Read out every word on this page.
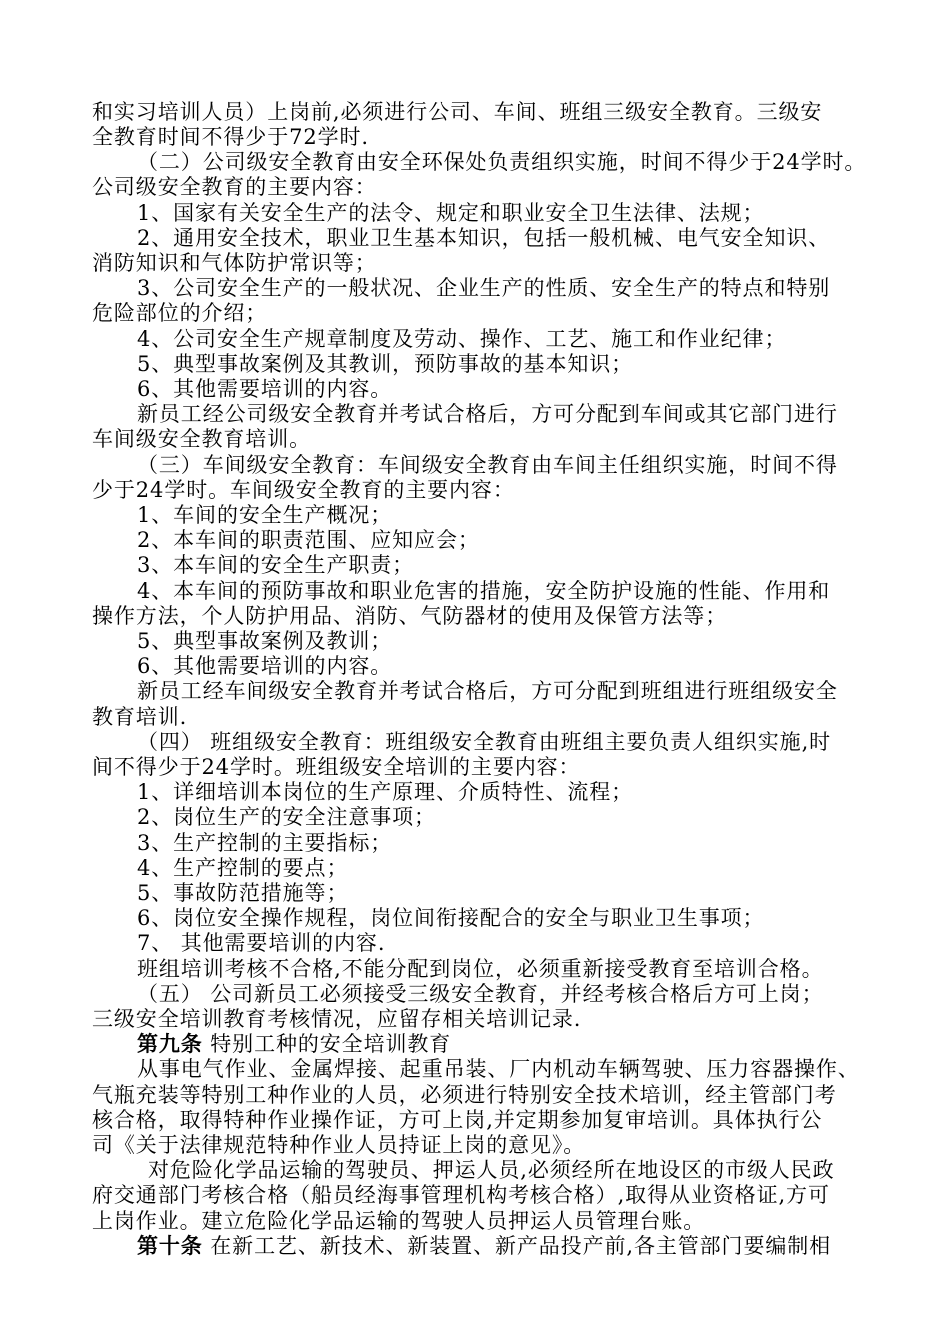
和实习培训人员）上岗前,必须进行公司、车间、班组三级安全教育。三级安
全教育时间不得少于72学时.
（二）公司级安全教育由安全环保处负责组织实施，时间不得少于24学时。
公司级安全教育的主要内容：
1、国家有关安全生产的法令、规定和职业安全卫生法律、法规；
2、通用安全技术，职业卫生基本知识，包括一般机械、电气安全知识、
消防知识和气体防护常识等；
3、公司安全生产的一般状况、企业生产的性质、安全生产的特点和特别
危险部位的介绍；
4、公司安全生产规章制度及劳动、操作、工艺、施工和作业纪律；
5、典型事故案例及其教训，预防事故的基本知识；
6、其他需要培训的内容。
新员工经公司级安全教育并考试合格后，方可分配到车间或其它部门进行
车间级安全教育培训。
（三）车间级安全教育：车间级安全教育由车间主任组织实施，时间不得
少于24学时。车间级安全教育的主要内容：
1、车间的安全生产概况；
2、本车间的职责范围、应知应会；
3、本车间的安全生产职责；
4、本车间的预防事故和职业危害的措施，安全防护设施的性能、作用和
操作方法，个人防护用品、消防、气防器材的使用及保管方法等；
5、典型事故案例及教训；
6、其他需要培训的内容。
新员工经车间级安全教育并考试合格后，方可分配到班组进行班组级安全
教育培训.
（四） 班组级安全教育：班组级安全教育由班组主要负责人组织实施,时
间不得少于24学时。班组级安全培训的主要内容：
1、详细培训本岗位的生产原理、介质特性、流程；
2、岗位生产的安全注意事项；
3、生产控制的主要指标；
4、生产控制的要点；
5、事故防范措施等；
6、岗位安全操作规程，岗位间衔接配合的安全与职业卫生事项；
7、 其他需要培训的内容.
班组培训考核不合格,不能分配到岗位，必须重新接受教育至培训合格。
（五） 公司新员工必须接受三级安全教育，并经考核合格后方可上岗；
三级安全培训教育考核情况，应留存相关培训记录.
第九条 特别工种的安全培训教育
从事电气作业、金属焊接、起重吊装、厂内机动车辆驾驶、压力容器操作、
气瓶充装等特别工种作业的人员，必须进行特别安全技术培训，经主管部门考
核合格，取得特种作业操作证，方可上岗,并定期参加复审培训。具体执行公
司《关于法律规范特种作业人员持证上岗的意见》。
对危险化学品运输的驾驶员、押运人员,必须经所在地设区的市级人民政
府交通部门考核合格（船员经海事管理机构考核合格）,取得从业资格证,方可
上岗作业。建立危险化学品运输的驾驶人员押运人员管理台账。
第十条 在新工艺、新技术、新装置、新产品投产前,各主管部门要编制相
